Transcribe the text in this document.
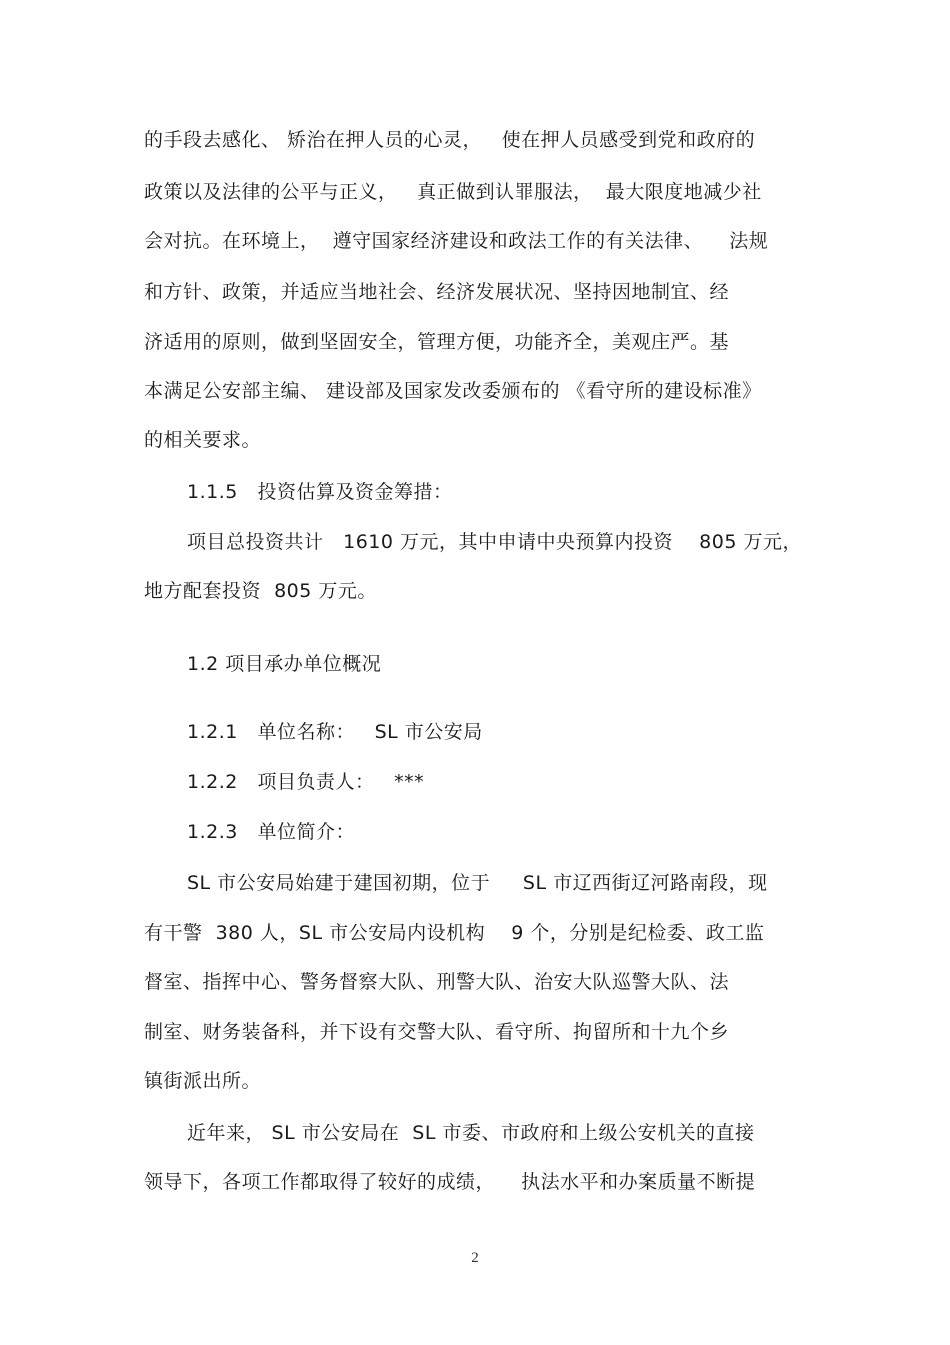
的手段去感化、 矫治在押人员的心灵，   使在押人员感受到党和政府的
政策以及法律的公平与正义，   真正做到认罪服法，  最大限度地减少社
会对抗。在环境上，  遵守国家经济建设和政法工作的有关法律、    法规
和方针、政策，并适应当地社会、经济发展状况、坚持因地制宜、经
济适用的原则，做到坚固安全，管理方便，功能齐全，美观庄严。基
本满足公安部主编、 建设部及国家发改委颁布的 《看守所的建设标准》
的相关要求。
1.1.5   投资估算及资金筹措：
项目总投资共计   1610 万元，其中申请中央预算内投资    805 万元，
地方配套投资  805 万元。
1.2 项目承办单位概况
1.2.1   单位名称：   SL 市公安局
1.2.2   项目负责人：   ***
1.2.3   单位简介：
SL 市公安局始建于建国初期，位于     SL 市辽西街辽河路南段，现
有干警  380 人，SL 市公安局内设机构    9 个，分别是纪检委、政工监
督室、指挥中心、警务督察大队、刑警大队、治安大队巡警大队、法
制室、财务装备科，并下设有交警大队、看守所、拘留所和十九个乡
镇街派出所。
近年来， SL 市公安局在  SL 市委、市政府和上级公安机关的直接
领导下，各项工作都取得了较好的成绩，    执法水平和办案质量不断提
2
